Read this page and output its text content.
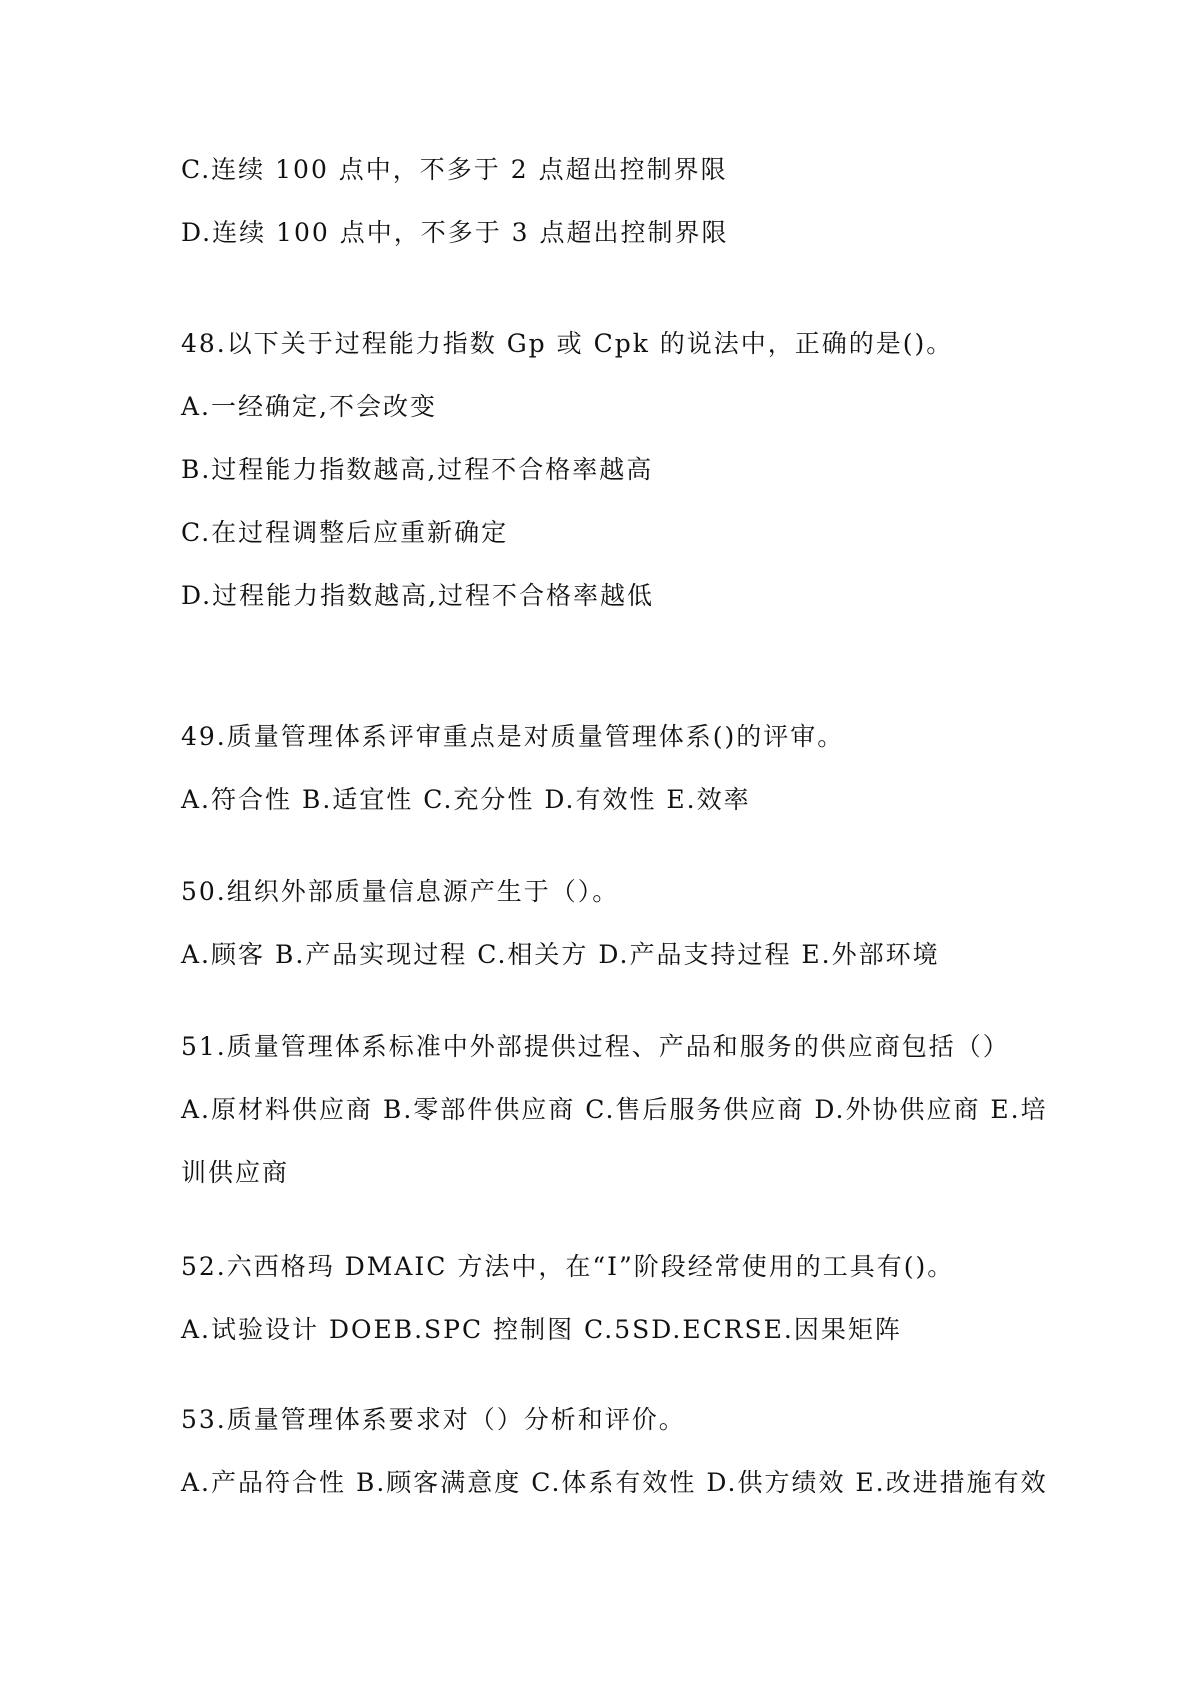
C.连续 100 点中，不多于 2 点超出控制界限
D.连续 100 点中，不多于 3 点超出控制界限
48.以下关于过程能力指数 Gp 或 Cpk 的说法中，正确的是()。
A.一经确定,不会改变
B.过程能力指数越高,过程不合格率越高
C.在过程调整后应重新确定
D.过程能力指数越高,过程不合格率越低
49.质量管理体系评审重点是对质量管理体系()的评审。
A.符合性 B.适宜性 C.充分性 D.有效性 E.效率
50.组织外部质量信息源产生于（）。
A.顾客 B.产品实现过程 C.相关方 D.产品支持过程 E.外部环境
51.质量管理体系标准中外部提供过程、产品和服务的供应商包括（）
A.原材料供应商 B.零部件供应商 C.售后服务供应商 D.外协供应商 E.培
训供应商
52.六西格玛 DMAIC 方法中，在“I”阶段经常使用的工具有()。
A.试验设计 DOEB.SPC 控制图 C.5SD.ECRSE.因果矩阵
53.质量管理体系要求对（）分析和评价。
A.产品符合性 B.顾客满意度 C.体系有效性 D.供方绩效 E.改进措施有效
